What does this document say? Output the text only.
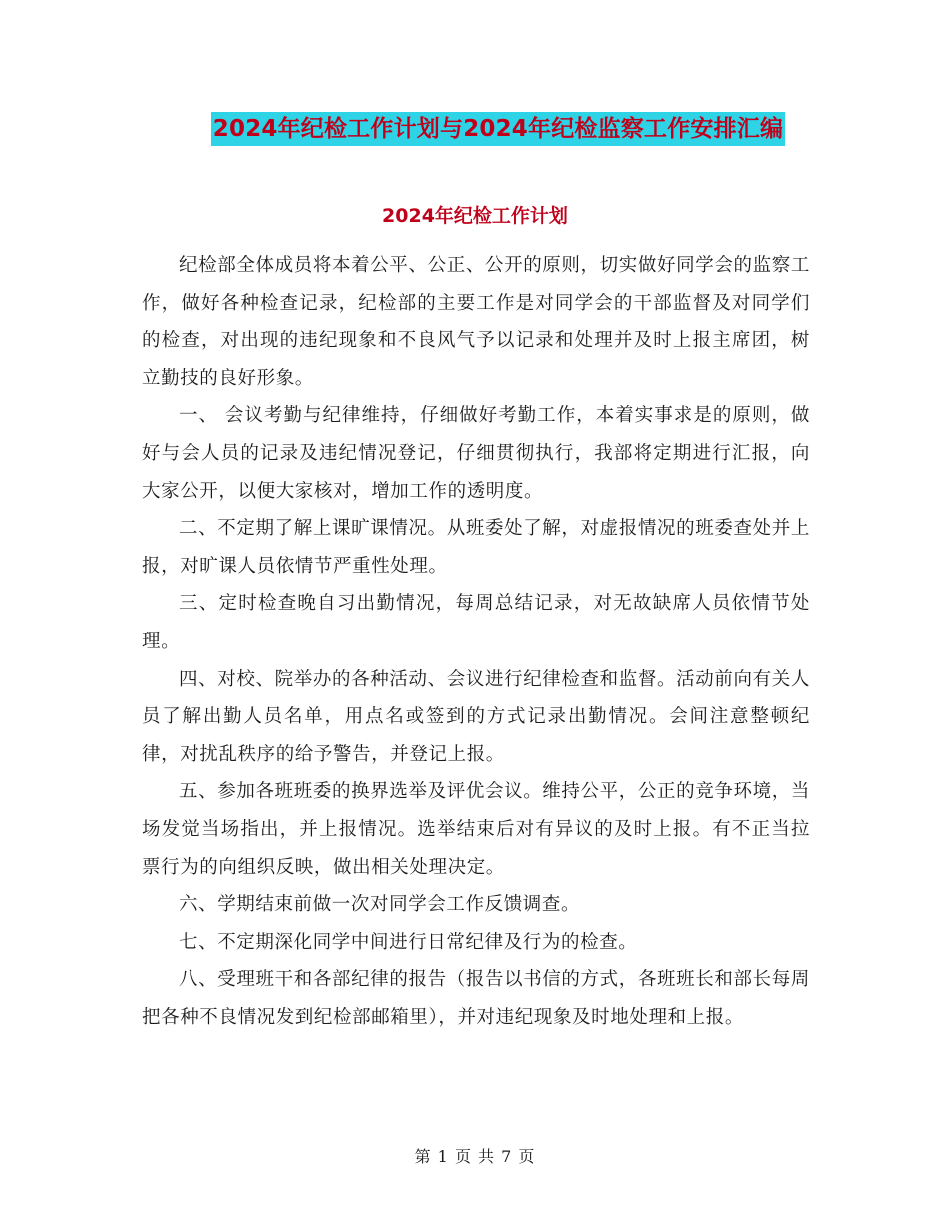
2024年纪检工作计划与2024年纪检监察工作安排汇编
2024年纪检工作计划

纪检部全体成员将本着公平、公正、公开的原则，切实做好同学会的监察工作，做好各种检查记录，纪检部的主要工作是对同学会的干部监督及对同学们的检查，对出现的违纪现象和不良风气予以记录和处理并及时上报主席团，树立勤技的良好形象。

一、 会议考勤与纪律维持，仔细做好考勤工作，本着实事求是的原则，做好与会人员的记录及违纪情况登记，仔细贯彻执行，我部将定期进行汇报，向大家公开，以便大家核对，增加工作的透明度。

二、不定期了解上课旷课情况。从班委处了解，对虚报情况的班委查处并上报，对旷课人员依情节严重性处理。

三、定时检查晚自习出勤情况，每周总结记录，对无故缺席人员依情节处理。

四、对校、院举办的各种活动、会议进行纪律检查和监督。活动前向有关人员了解出勤人员名单，用点名或签到的方式记录出勤情况。会间注意整顿纪律，对扰乱秩序的给予警告，并登记上报。

五、参加各班班委的换界选举及评优会议。维持公平，公正的竞争环境，当场发觉当场指出，并上报情况。选举结束后对有异议的及时上报。有不正当拉票行为的向组织反映，做出相关处理决定。

六、学期结束前做一次对同学会工作反馈调查。

七、不定期深化同学中间进行日常纪律及行为的检查。

八、受理班干和各部纪律的报告（报告以书信的方式，各班班长和部长每周把各种不良情况发到纪检部邮箱里），并对违纪现象及时地处理和上报。

第 1 页 共 7 页
